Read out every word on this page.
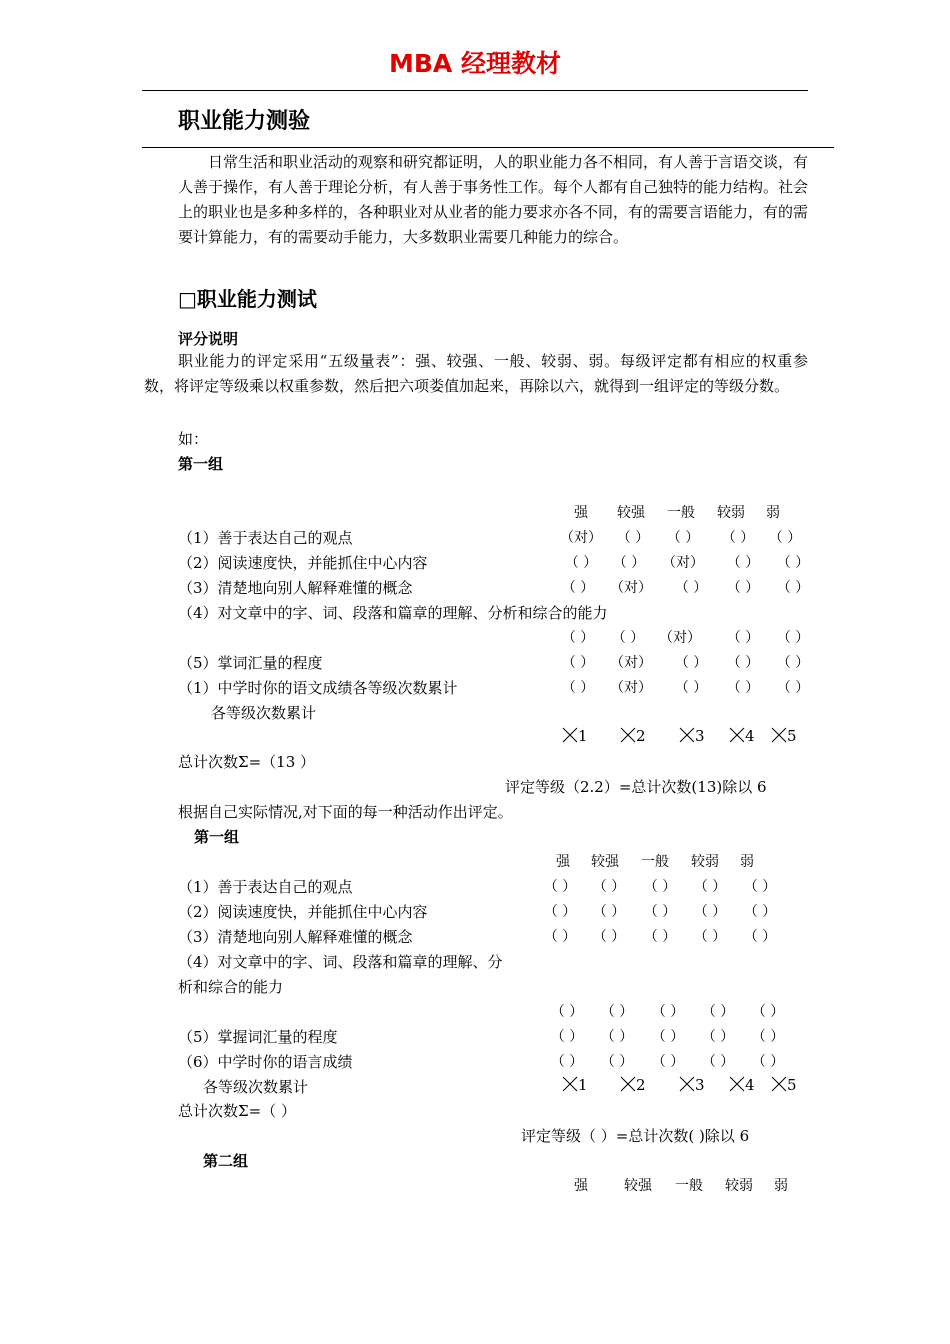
MBA 经理教材
职业能力测验
日常生活和职业活动的观察和研究都证明，人的职业能力各不相同，有人善于言语交谈，有人善于操作，有人善于理论分析，有人善于事务性工作。每个人都有自己独特的能力结构。社会上的职业也是多种多样的，各种职业对从业者的能力要求亦各不同，有的需要言语能力，有的需要计算能力，有的需要动手能力，大多数职业需要几种能力的综合。
□职业能力测试
评分说明
职业能力的评定采用“五级量表”：强、较强、一般、较弱、弱。每级评定都有相应的权重参数，将评定等级乘以权重参数，然后把六项娄值加起来，再除以六，就得到一组评定的等级分数。
如：
第一组
强	较强	一般	较弱	弱
（1）善于表达自己的观点	（对）	（ ）	（ ）	（ ）	（ ）
（2）阅读速度快，并能抓住中心内容	（ ）	（ ）	（对）	（ ）	（ ）
（3）清楚地向别人解释难懂的概念	（ ）	（对）	（ ）	（ ）	（ ）
（4）对文章中的字、词、段落和篇章的理解、分析和综合的能力
（ ）	（ ）	（对）	（ ）	（ ）
（5）掌词汇量的程度	（ ）	（对）	（ ）	（ ）	（ ）
（1）中学时你的语文成绩各等级次数累计	（ ）	（对）	（ ）	（ ）	（ ）
各等级次数累计
1	2	3	4	5
总计次数Σ=（13 ）
评定等级（2.2）=总计次数(13)除以 6
根据自己实际情况,对下面的每一种活动作出评定。
第一组
强	较强	一般	较弱	弱
（1）善于表达自己的观点	（ ）	（ ）	（ ）	（ ）	（ ）
（2）阅读速度快，并能抓住中心内容	（ ）	（ ）	（ ）	（ ）	（ ）
（3）清楚地向别人解释难懂的概念	（ ）	（ ）	（ ）	（ ）	（ ）
（4）对文章中的字、词、段落和篇章的理解、分
析和综合的能力
（ ）	（ ）	（ ）	（ ）	（ ）
（5）掌握词汇量的程度	（ ）	（ ）	（ ）	（ ）	（ ）
（6）中学时你的语言成绩	（ ）	（ ）	（ ）	（ ）	（ ）
各等级次数累计	1	2	3	4	5
总计次数Σ=（ ）
评定等级（ ）=总计次数( )除以 6
第二组
强	较强	一般	较弱	弱
